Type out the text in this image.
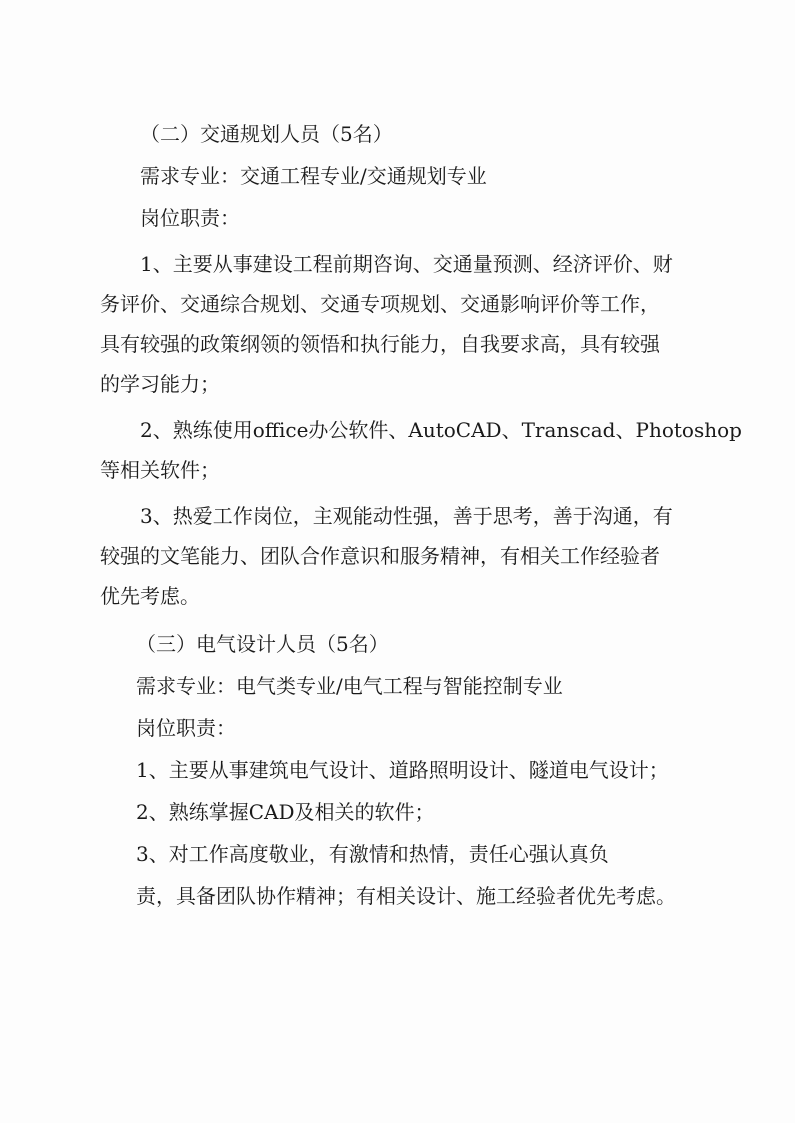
（二）交通规划人员（5名）
需求专业：交通工程专业/交通规划专业
岗位职责：
1、主要从事建设工程前期咨询、交通量预测、经济评价、财
务评价、交通综合规划、交通专项规划、交通影响评价等工作，
具有较强的政策纲领的领悟和执行能力，自我要求高，具有较强
的学习能力；
2、熟练使用office办公软件、AutoCAD、Transcad、Photoshop
等相关软件；
3、热爱工作岗位，主观能动性强，善于思考，善于沟通，有
较强的文笔能力、团队合作意识和服务精神，有相关工作经验者
优先考虑。
（三）电气设计人员（5名）
需求专业：电气类专业/电气工程与智能控制专业
岗位职责：
1、主要从事建筑电气设计、道路照明设计、隧道电气设计；
2、熟练掌握CAD及相关的软件；
3、对工作高度敬业，有激情和热情，责任心强认真负
责，具备团队协作精神；有相关设计、施工经验者优先考虑。
